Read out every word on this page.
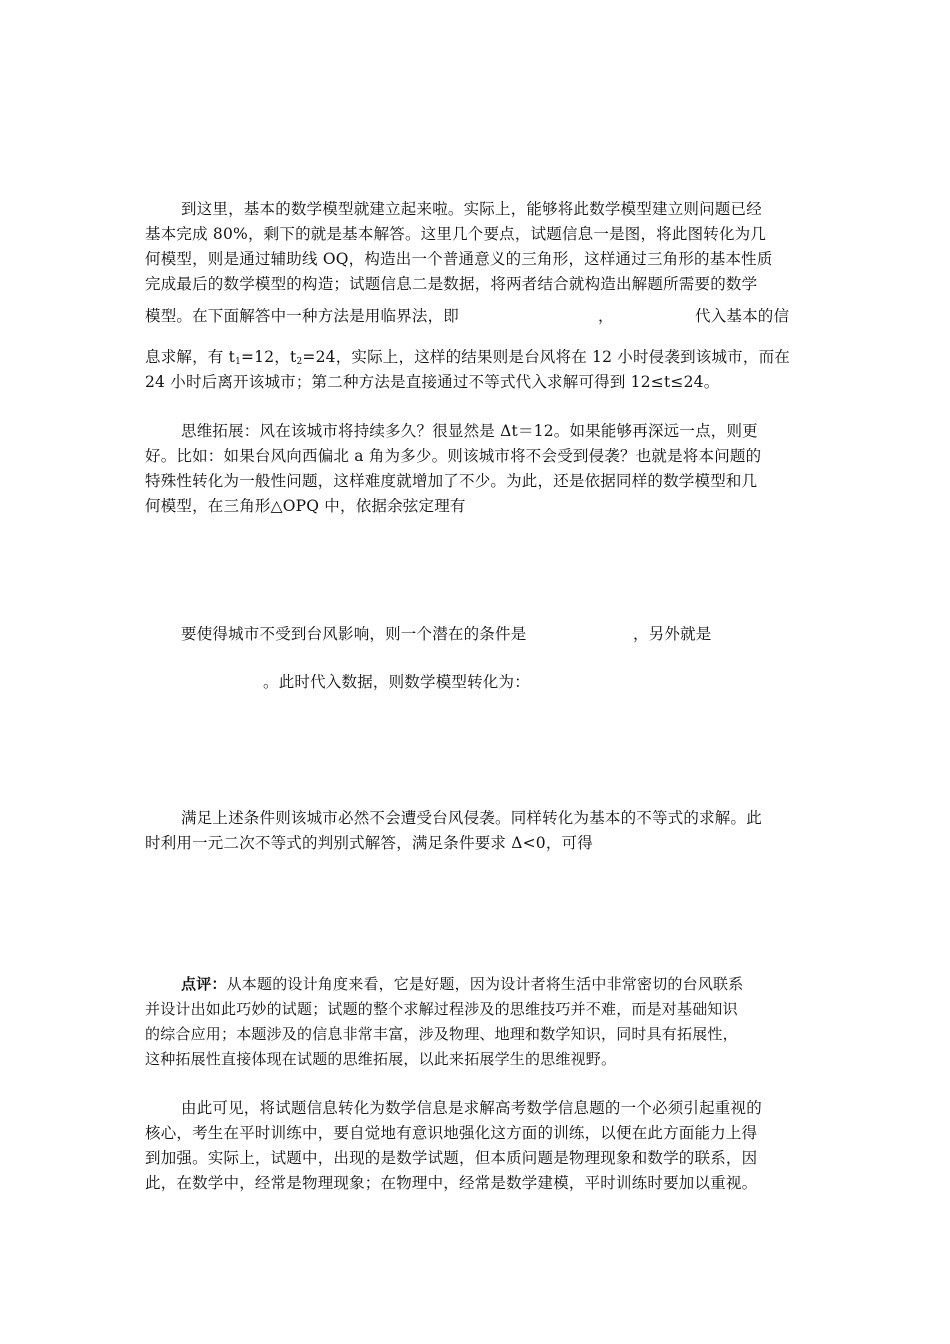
到这里，基本的数学模型就建立起来啦。实际上，能够将此数学模型建立则问题已经
基本完成 80%，剩下的就是基本解答。这里几个要点，试题信息一是图，将此图转化为几
何模型，则是通过辅助线 OQ，构造出一个普通意义的三角形，这样通过三角形的基本性质
完成最后的数学模型的构造；试题信息二是数据，将两者结合就构造出解题所需要的数学
模型。在下面解答中一种方法是用临界法，即	，	代入基本的信
息求解，有 $t_1=12$，$t_2=24$，实际上，这样的结果则是台风将在 12 小时侵袭到该城市，而在
24 小时后离开该城市；第二种方法是直接通过不等式代入求解可得到 12≤t≤24。
思维拓展：风在该城市将持续多久？很显然是 Δt＝12。如果能够再深远一点，则更
好。比如：如果台风向西偏北 a 角为多少。则该城市将不会受到侵袭？也就是将本问题的
特殊性转化为一般性问题，这样难度就增加了不少。为此，还是依据同样的数学模型和几
何模型，在三角形△OPQ 中，依据余弦定理有
要使得城市不受到台风影响，则一个潜在的条件是	，另外就是
。此时代入数据，则数学模型转化为：
满足上述条件则该城市必然不会遭受台风侵袭。同样转化为基本的不等式的求解。此
时利用一元二次不等式的判别式解答，满足条件要求 Δ<0，可得
点评：从本题的设计角度来看，它是好题，因为设计者将生活中非常密切的台风联系
并设计出如此巧妙的试题；试题的整个求解过程涉及的思维技巧并不难，而是对基础知识
的综合应用；本题涉及的信息非常丰富，涉及物理、地理和数学知识，同时具有拓展性，
这种拓展性直接体现在试题的思维拓展，以此来拓展学生的思维视野。
由此可见，将试题信息转化为数学信息是求解高考数学信息题的一个必须引起重视的
核心，考生在平时训练中，要自觉地有意识地强化这方面的训练，以便在此方面能力上得
到加强。实际上，试题中，出现的是数学试题，但本质问题是物理现象和数学的联系，因
此，在数学中，经常是物理现象；在物理中，经常是数学建模，平时训练时要加以重视。
